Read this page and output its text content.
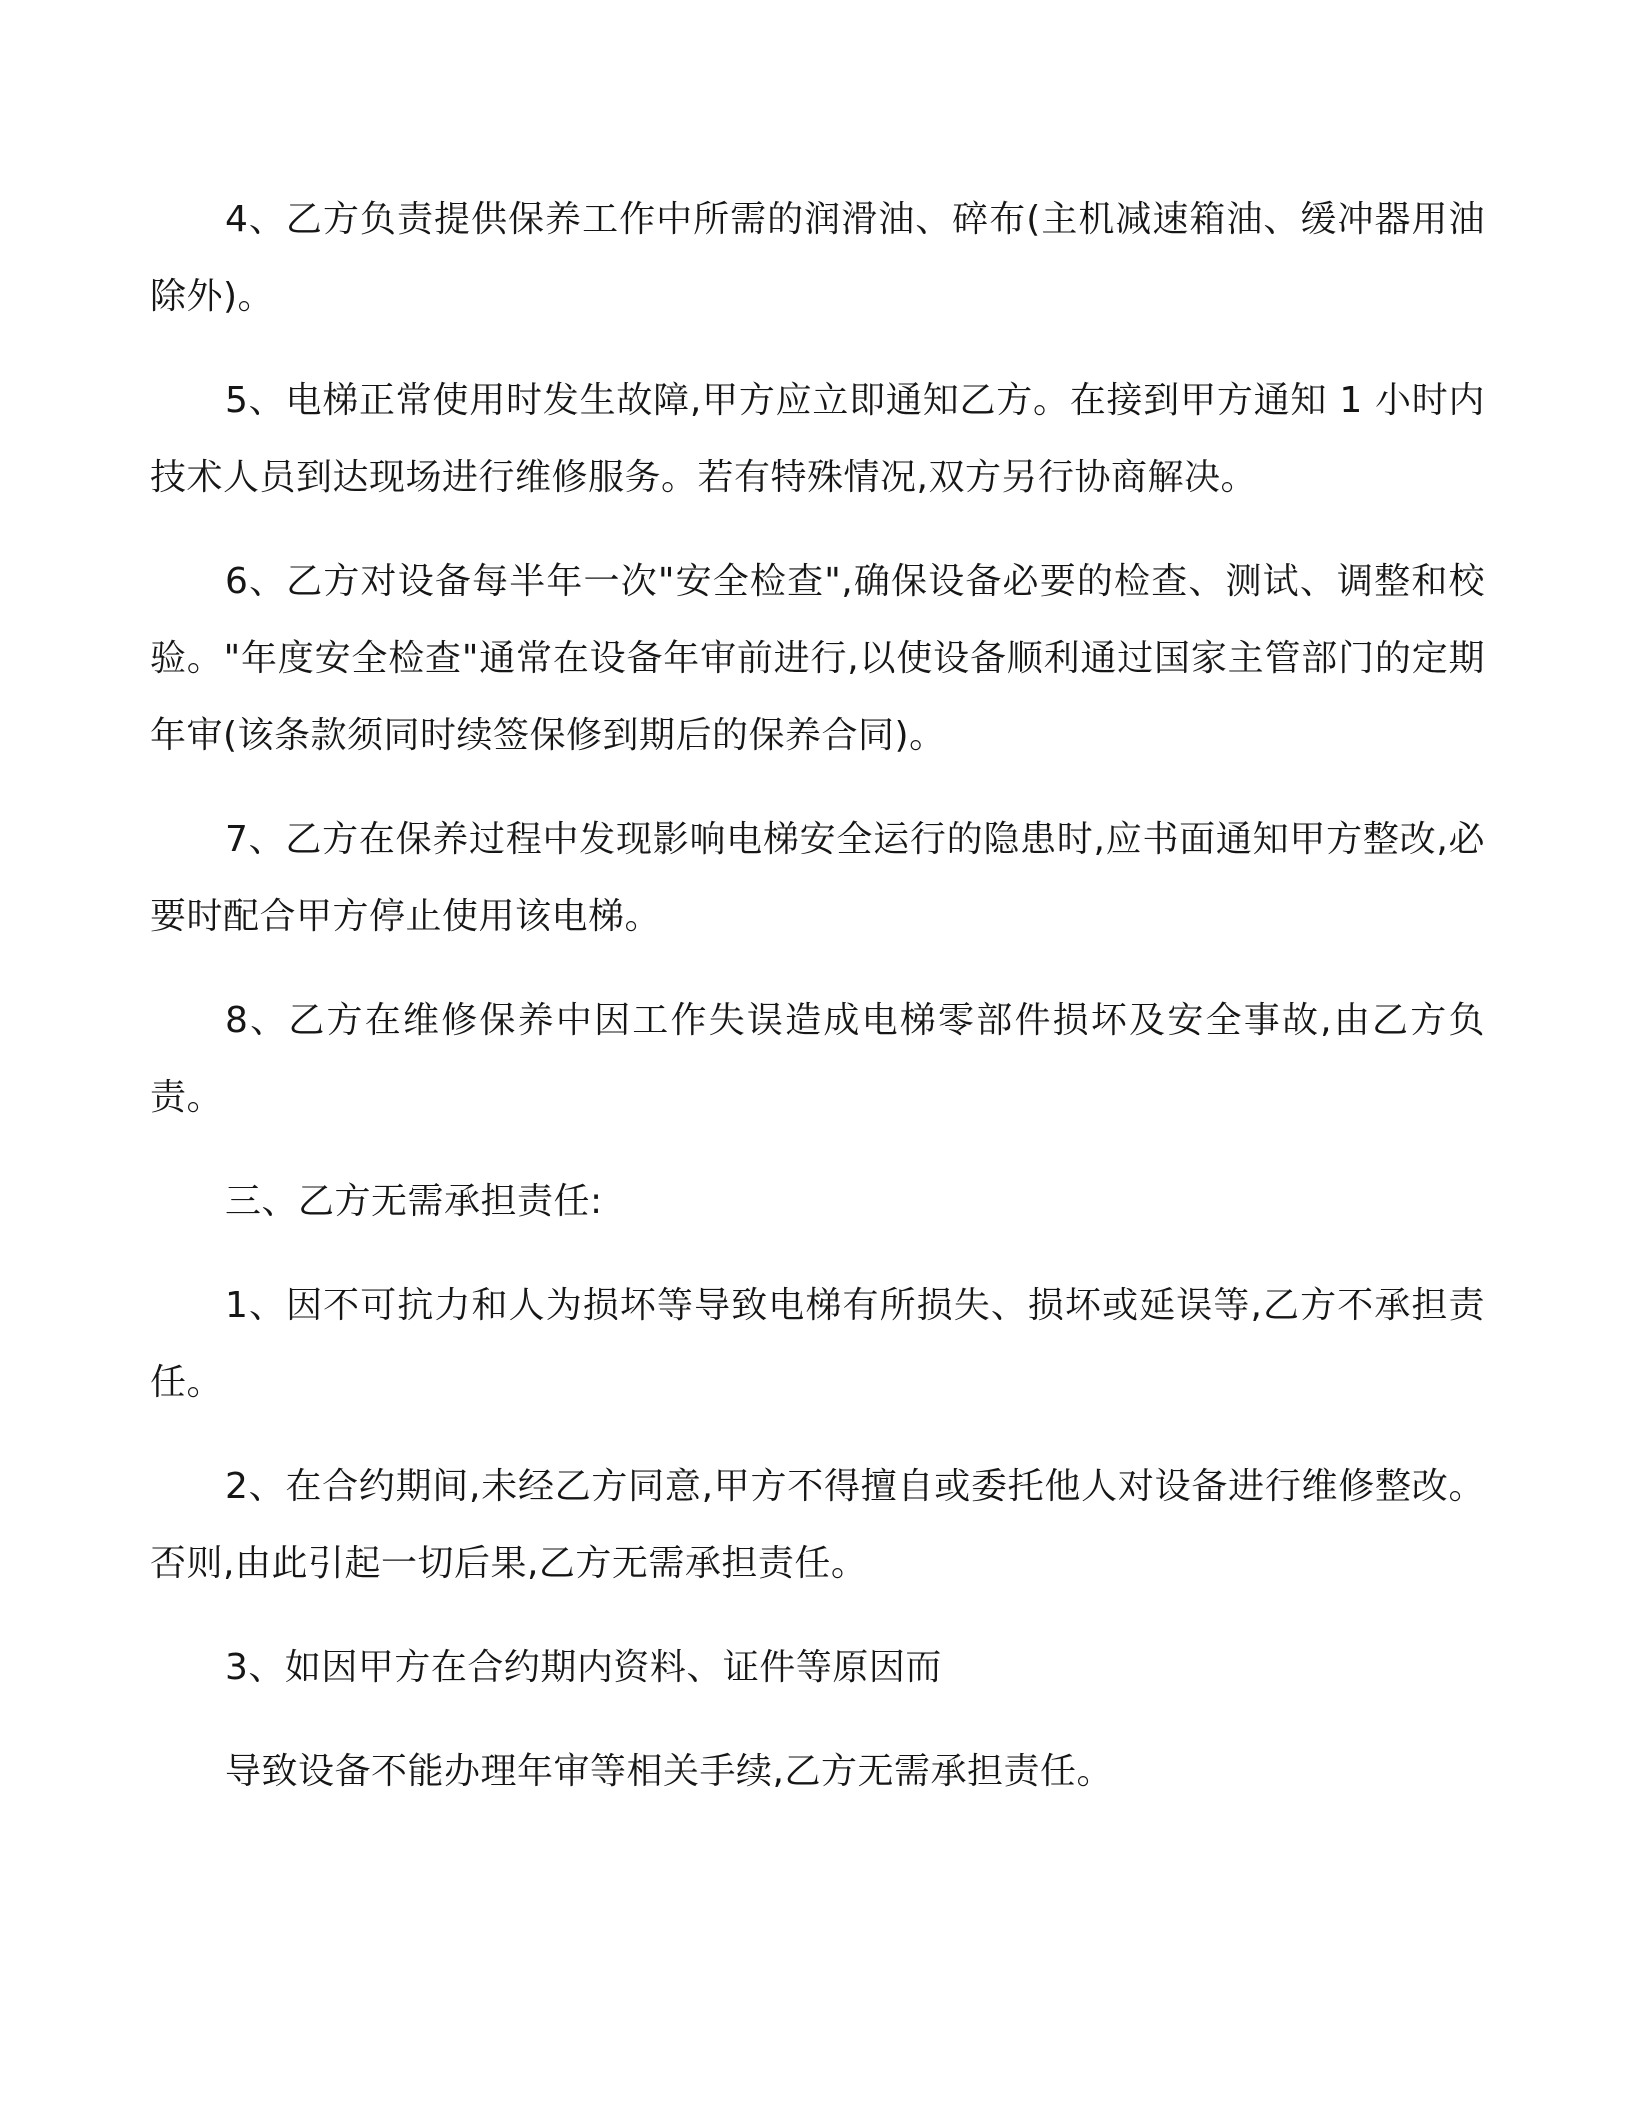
4、乙方负责提供保养工作中所需的润滑油、碎布(主机减速箱油、缓冲器用油除外)。

5、电梯正常使用时发生故障,甲方应立即通知乙方。在接到甲方通知 1 小时内技术人员到达现场进行维修服务。若有特殊情况,双方另行协商解决。

6、乙方对设备每半年一次"安全检查",确保设备必要的检查、测试、调整和校验。"年度安全检查"通常在设备年审前进行,以使设备顺利通过国家主管部门的定期年审(该条款须同时续签保修到期后的保养合同)。

7、乙方在保养过程中发现影响电梯安全运行的隐患时,应书面通知甲方整改,必要时配合甲方停止使用该电梯。

8、乙方在维修保养中因工作失误造成电梯零部件损坏及安全事故,由乙方负责。

三、乙方无需承担责任:

1、因不可抗力和人为损坏等导致电梯有所损失、损坏或延误等,乙方不承担责任。

2、在合约期间,未经乙方同意,甲方不得擅自或委托他人对设备进行维修整改。否则,由此引起一切后果,乙方无需承担责任。

3、如因甲方在合约期内资料、证件等原因而

导致设备不能办理年审等相关手续,乙方无需承担责任。
